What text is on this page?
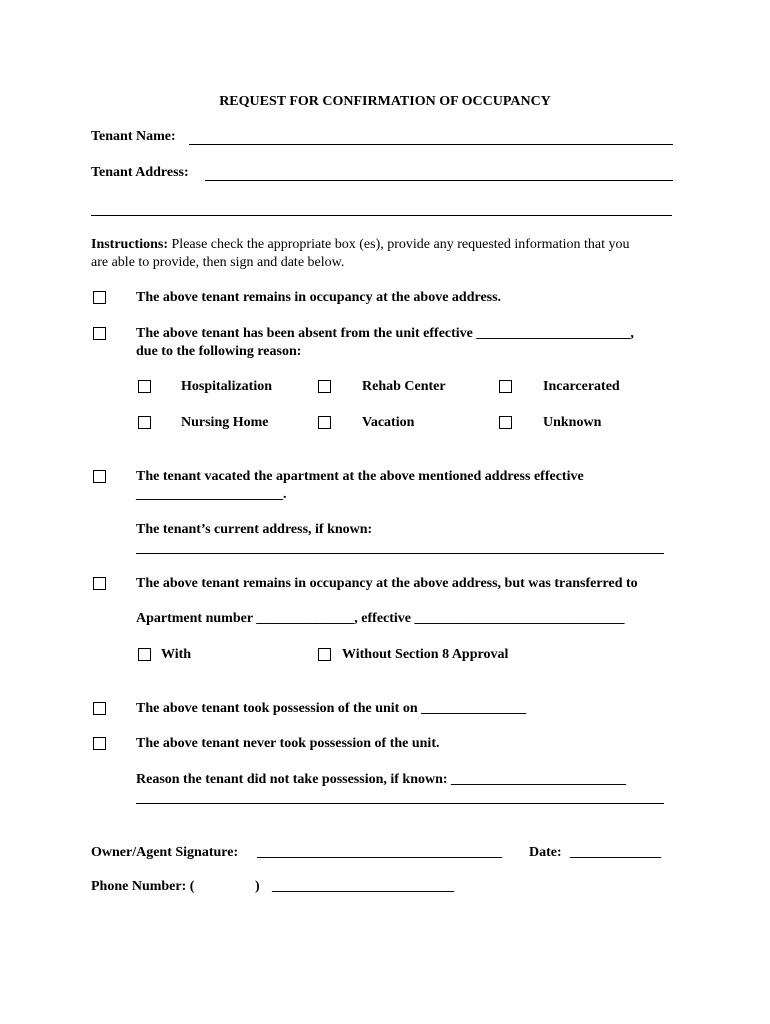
REQUEST FOR CONFIRMATION OF OCCUPANCY
Tenant Name:
Tenant Address:
Instructions: Please check the appropriate box (es), provide any requested information that you
are able to provide, then sign and date below.
The above tenant remains in occupancy at the above address.
The above tenant has been absent from the unit effective ______________________,
due to the following reason:
Hospitalization	Rehab Center	Incarcerated
Nursing Home	Vacation	Unknown
The tenant vacated the apartment at the above mentioned address effective
_____________________.
The tenant’s current address, if known:
The above tenant remains in occupancy at the above address, but was transferred to
Apartment number ______________, effective ______________________________
With	Without Section 8 Approval
The above tenant took possession of the unit on _______________
The above tenant never took possession of the unit.
Reason the tenant did not take possession, if known: _________________________
Owner/Agent Signature: ___________________________________ Date: _____________
Phone Number: (	) __________________________
